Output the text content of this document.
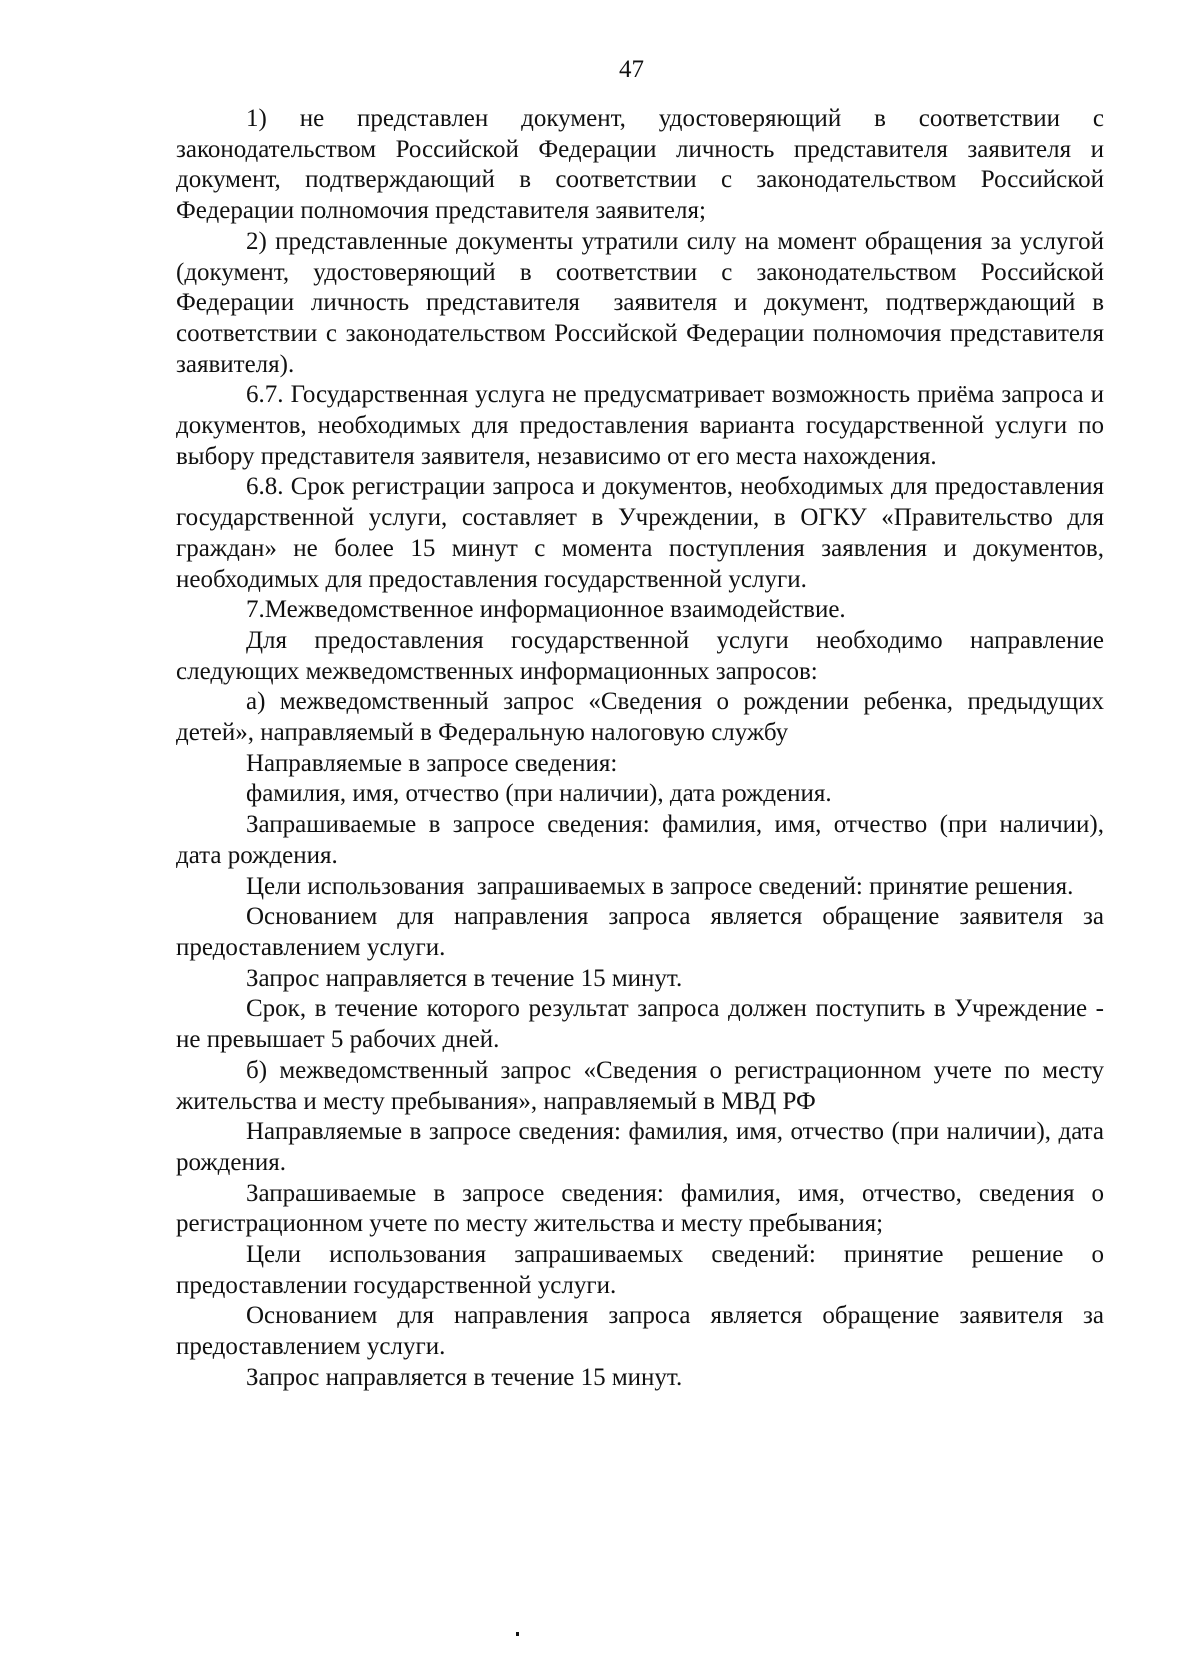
47

1) не представлен документ, удостоверяющий в соответствии с законодательством Российской Федерации личность представителя заявителя и документ, подтверждающий в соответствии с законодательством Российской Федерации полномочия представителя заявителя;

2) представленные документы утратили силу на момент обращения за услугой (документ, удостоверяющий в соответствии с законодательством Российской Федерации личность представителя  заявителя и документ, подтверждающий в соответствии с законодательством Российской Федерации полномочия представителя заявителя).

6.7. Государственная услуга не предусматривает возможность приёма запроса и документов, необходимых для предоставления варианта государственной услуги по выбору представителя заявителя, независимо от его места нахождения.

6.8. Срок регистрации запроса и документов, необходимых для предоставления государственной услуги, составляет в Учреждении, в ОГКУ «Правительство для граждан» не более 15 минут с момента поступления заявления и документов, необходимых для предоставления государственной услуги.

7.Межведомственное информационное взаимодействие.

Для предоставления государственной услуги необходимо направление следующих межведомственных информационных запросов:

а) межведомственный запрос «Сведения о рождении ребенка, предыдущих детей», направляемый в Федеральную налоговую службу

Направляемые в запросе сведения:

фамилия, имя, отчество (при наличии), дата рождения.

Запрашиваемые в запросе сведения: фамилия, имя, отчество (при наличии), дата рождения.

Цели использования  запрашиваемых в запросе сведений: принятие решения.

Основанием для направления запроса является обращение заявителя за предоставлением услуги.

Запрос направляется в течение 15 минут.

Срок, в течение которого результат запроса должен поступить в Учреждение - не превышает 5 рабочих дней.

б) межведомственный запрос «Сведения о регистрационном учете по месту жительства и месту пребывания», направляемый в МВД РФ

Направляемые в запросе сведения: фамилия, имя, отчество (при наличии), дата рождения.

Запрашиваемые в запросе сведения: фамилия, имя, отчество, сведения о регистрационном учете по месту жительства и месту пребывания;

Цели использования запрашиваемых сведений: принятие решение о предоставлении государственной услуги.

Основанием для направления запроса является обращение заявителя за предоставлением услуги.

Запрос направляется в течение 15 минут.
